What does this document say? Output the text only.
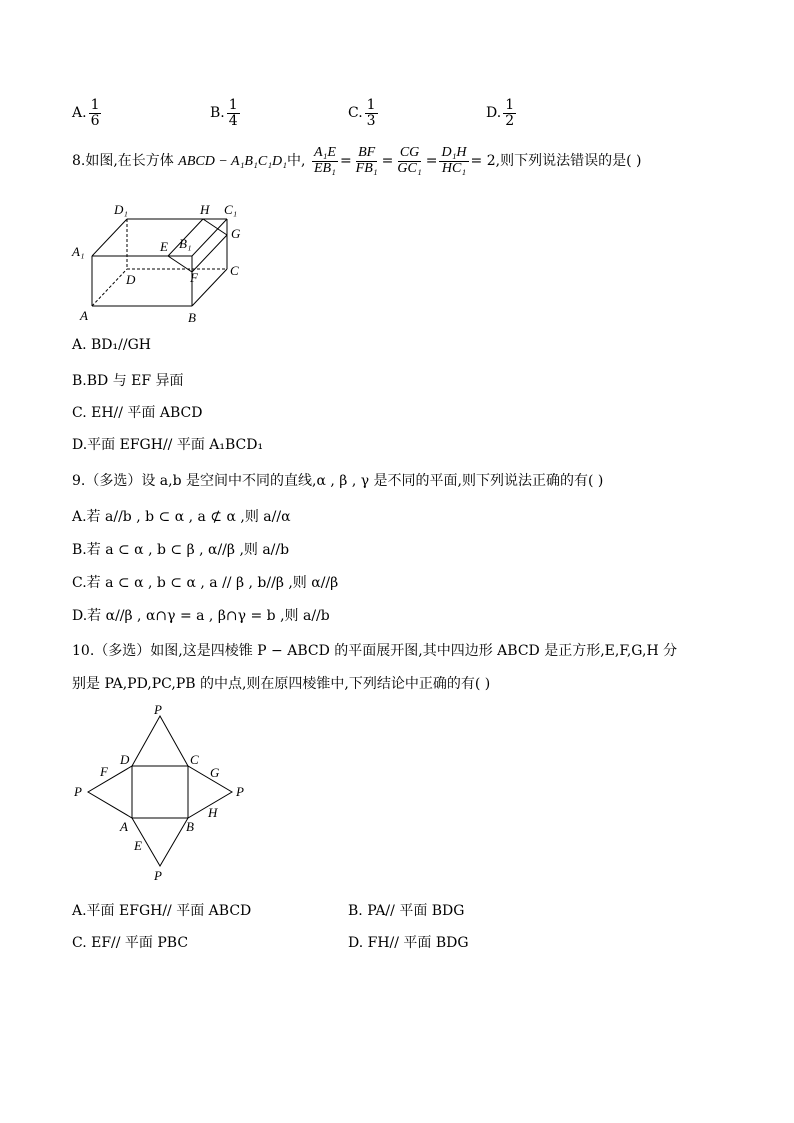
A. $\frac{1}{6}$	B. $\frac{1}{4}$	C. $\frac{1}{3}$	D. $\frac{1}{2}$
8.如图,在长方体 ABCD − A₁B₁C₁D₁中, $\frac{\text{A₁E}}{\text{EB₁}} = \frac{BF}{\text{FB₁}} = \frac{CG}{\text{GC₁}} = \frac{\text{D₁H}}{\text{HC₁}} = 2$,则下列说法错误的是( )
D₁	H C₁
A₁	E B₁
G
C
D	F
A	B
A. BD₁//GH
B.BD 与 EF 异面
C. EH// 平面 ABCD
D.平面 EFGH// 平面 A₁BCD₁
9.（多选）设 a,b 是空间中不同的直线,α , β , γ 是不同的平面,则下列说法正确的有( )
A.若 a//b , b ⊂ α , a ⊄ α ,则 a//α
B.若 a ⊂ α , b ⊂ β , α//β ,则 a//b
C.若 a ⊂ α , b ⊂ α , a // β , b//β ,则 α//β
D.若 α//β , α∩γ = a , β∩γ = b ,则 a//b
10.（多选）如图,这是四棱锥 P − ABCD 的平面展开图,其中四边形 ABCD 是正方形,E,F,G,H 分
别是 PA,PD,PC,PB 的中点,则在原四棱锥中,下列结论中正确的有( )
P
P	P
P
D	C
A	B
E
F	G
H
A.平面 EFGH// 平面 ABCD	B. PA// 平面 BDG
C. EF// 平面 PBC	D. FH// 平面 BDG
